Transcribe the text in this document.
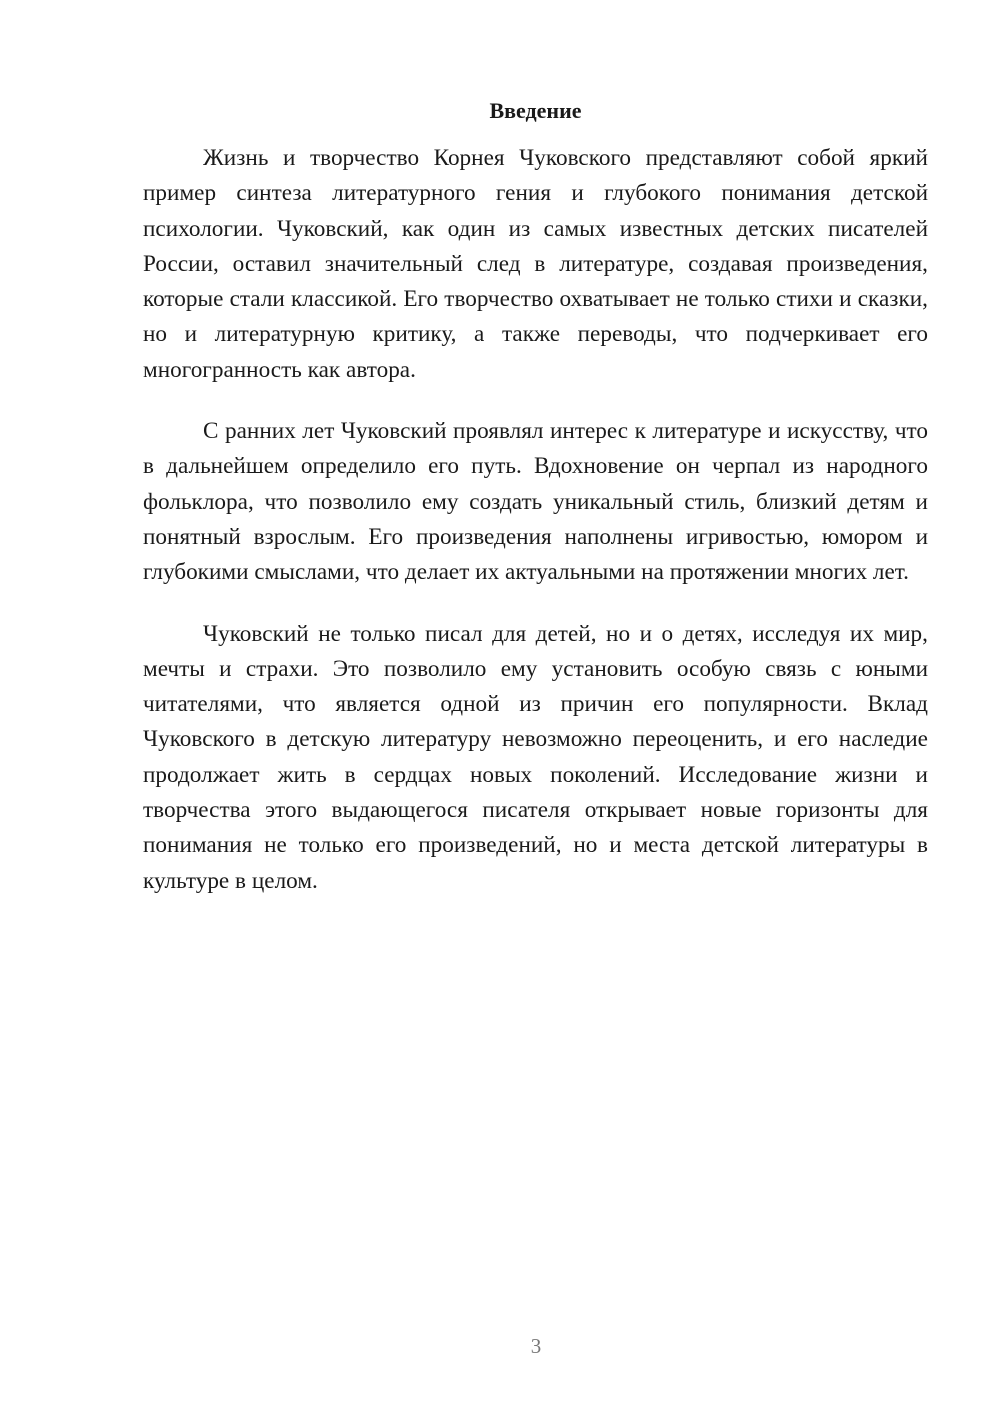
Введение

Жизнь и творчество Корнея Чуковского представляют собой яркий пример синтеза литературного гения и глубокого понимания детской психологии. Чуковский, как один из самых известных детских писателей России, оставил значительный след в литературе, создавая произведения, которые стали классикой. Его творчество охватывает не только стихи и сказки, но и литературную критику, а также переводы, что подчеркивает его многогранность как автора.

С ранних лет Чуковский проявлял интерес к литературе и искусству, что в дальнейшем определило его путь. Вдохновение он черпал из народного фольклора, что позволило ему создать уникальный стиль, близкий детям и понятный взрослым. Его произведения наполнены игривостью, юмором и глубокими смыслами, что делает их актуальными на протяжении многих лет.

Чуковский не только писал для детей, но и о детях, исследуя их мир, мечты и страхи. Это позволило ему установить особую связь с юными читателями, что является одной из причин его популярности. Вклад Чуковского в детскую литературу невозможно переоценить, и его наследие продолжает жить в сердцах новых поколений. Исследование жизни и творчества этого выдающегося писателя открывает новые горизонты для понимания не только его произведений, но и места детской литературы в культуре в целом.

3
